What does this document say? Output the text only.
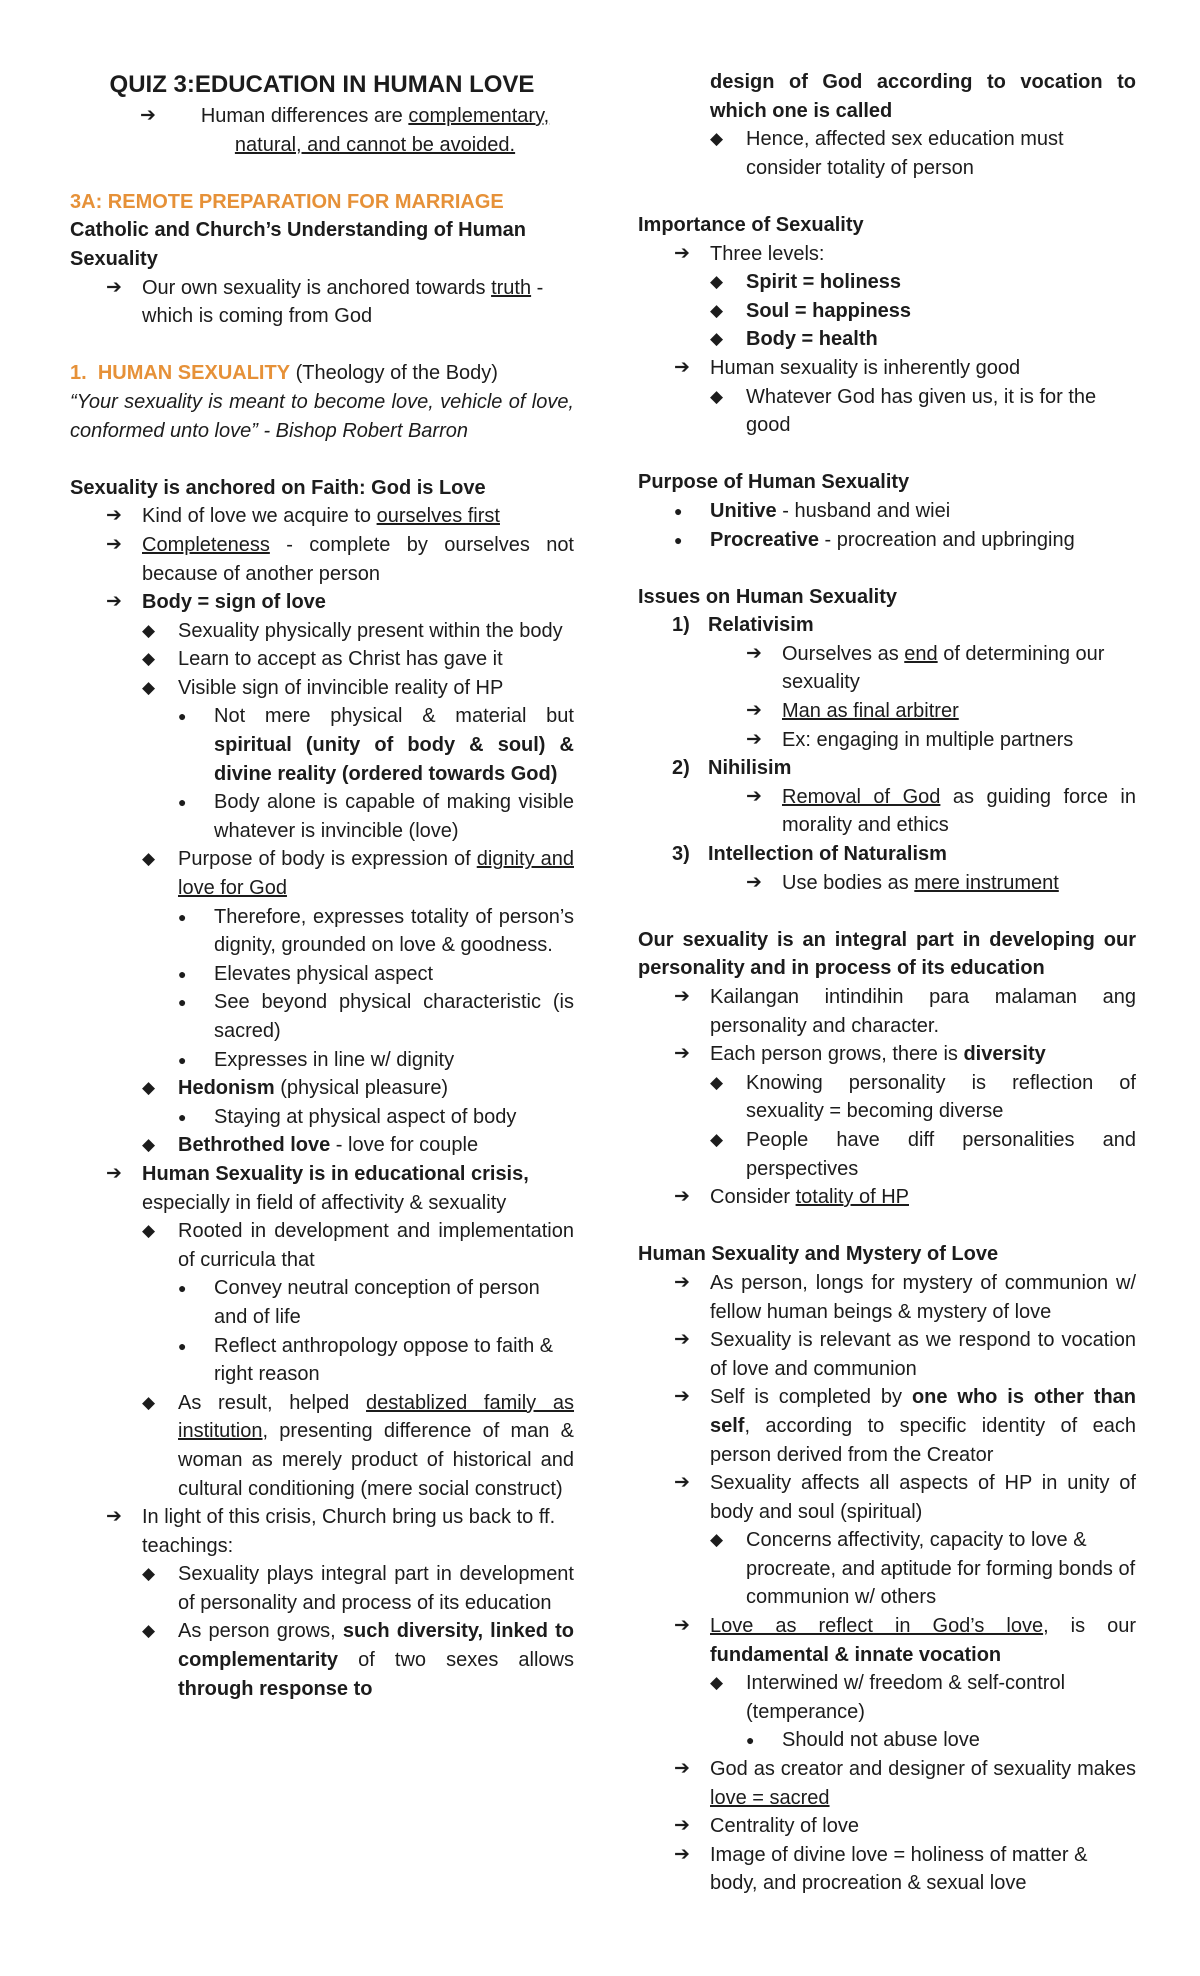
QUIZ 3:EDUCATION IN HUMAN LOVE
➔	Human differences are complementary, natural, and cannot be avoided.
3A: REMOTE PREPARATION FOR MARRIAGE
Catholic and Church’s Understanding of Human Sexuality
➔	Our own sexuality is anchored towards truth - which is coming from God
1. HUMAN SEXUALITY (Theology of the Body)
“Your sexuality is meant to become love, vehicle of love, conformed unto love” - Bishop Robert Barron
Sexuality is anchored on Faith: God is Love
➔	Kind of love we acquire to ourselves first
➔	Completeness - complete by ourselves not because of another person
➔	Body = sign of love
◆	Sexuality physically present within the body
◆	Learn to accept as Christ has gave it
◆	Visible sign of invincible reality of HP
●	Not mere physical & material but spiritual (unity of body & soul) & divine reality (ordered towards God)
●	Body alone is capable of making visible whatever is invincible (love)
◆	Purpose of body is expression of dignity and love for God
●	Therefore, expresses totality of person’s dignity, grounded on love & goodness.
●	Elevates physical aspect
●	See beyond physical characteristic (is sacred)
●	Expresses in line w/ dignity
◆	Hedonism (physical pleasure)
●	Staying at physical aspect of body
◆	Bethrothed love - love for couple
➔	Human Sexuality is in educational crisis, especially in field of affectivity & sexuality
◆	Rooted in development and implementation of curricula that
●	Convey neutral conception of person and of life
●	Reflect anthropology oppose to faith & right reason
◆	As result, helped destablized family as institution, presenting difference of man & woman as merely product of historical and cultural conditioning (mere social construct)
➔	In light of this crisis, Church bring us back to ff. teachings:
◆	Sexuality plays integral part in development of personality and process of its education
◆	As person grows, such diversity, linked to complementarity of two sexes allows through response to
design of God according to vocation to which one is called
◆	Hence, affected sex education must consider totality of person
Importance of Sexuality
➔	Three levels:
◆	Spirit = holiness
◆	Soul = happiness
◆	Body = health
➔	Human sexuality is inherently good
◆	Whatever God has given us, it is for the good
Purpose of Human Sexuality
●	Unitive - husband and wiei
●	Procreative - procreation and upbringing
Issues on Human Sexuality
1) Relativisim
➔	Ourselves as end of determining our sexuality
➔	Man as final arbitrer
➔	Ex: engaging in multiple partners
2) Nihilisim
➔	Removal of God as guiding force in morality and ethics
3) Intellection of Naturalism
➔	Use bodies as mere instrument
Our sexuality is an integral part in developing our personality and in process of its education
➔	Kailangan intindihin para malaman ang personality and character.
➔	Each person grows, there is diversity
◆	Knowing personality is reflection of sexuality = becoming diverse
◆	People have diff personalities and perspectives
➔	Consider totality of HP
Human Sexuality and Mystery of Love
➔	As person, longs for mystery of communion w/ fellow human beings & mystery of love
➔	Sexuality is relevant as we respond to vocation of love and communion
➔	Self is completed by one who is other than self, according to specific identity of each person derived from the Creator
➔	Sexuality affects all aspects of HP in unity of body and soul (spiritual)
◆	Concerns affectivity, capacity to love & procreate, and aptitude for forming bonds of communion w/ others
➔	Love as reflect in God’s love, is our fundamental & innate vocation
◆	Interwined w/ freedom & self-control (temperance)
●	Should not abuse love
➔	God as creator and designer of sexuality makes love = sacred
➔	Centrality of love
➔	Image of divine love = holiness of matter & body, and procreation & sexual love
